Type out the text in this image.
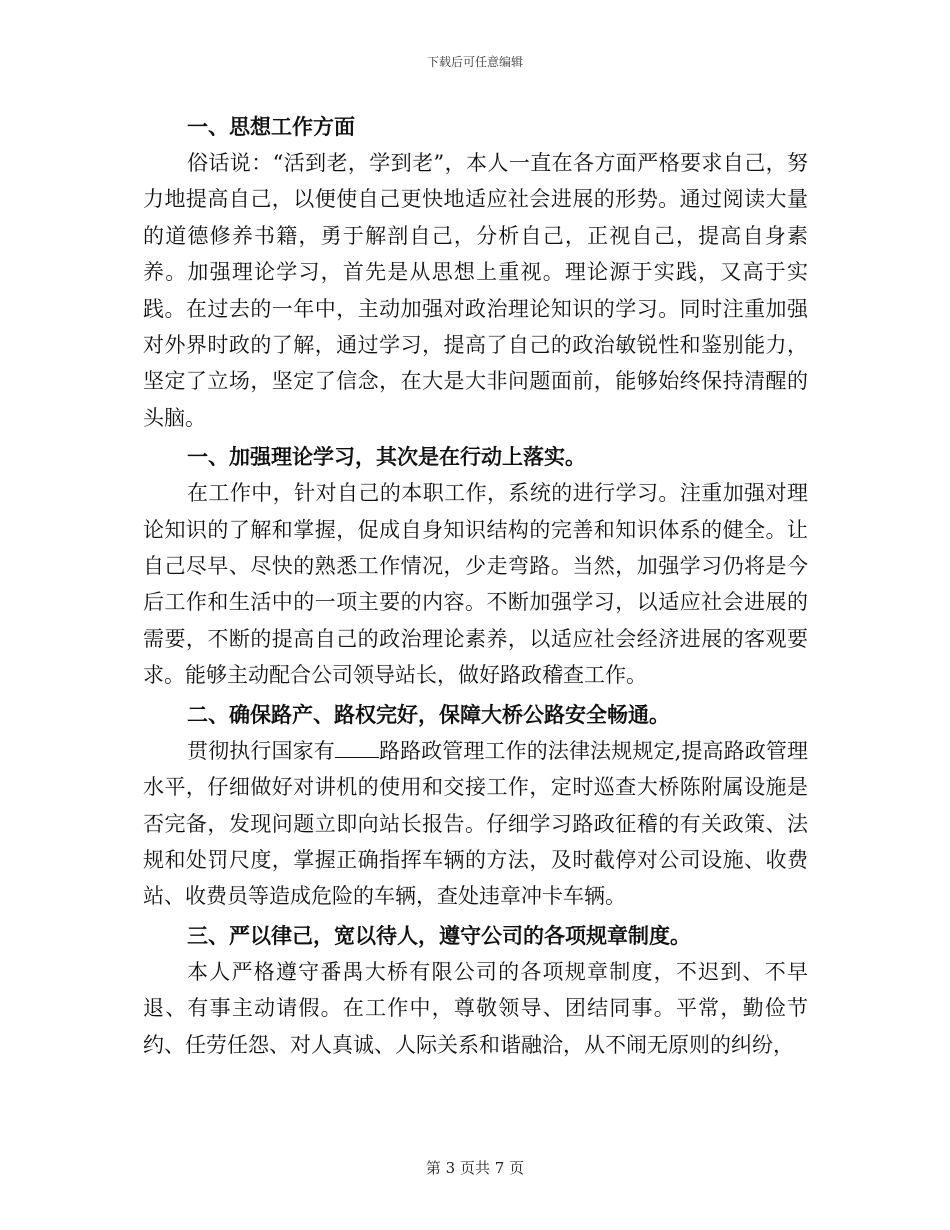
下载后可任意编辑
一、思想工作方面

俗话说：“活到老，学到老”，本人一直在各方面严格要求自己，努力地提高自己，以便使自己更快地适应社会进展的形势。通过阅读大量的道德修养书籍，勇于解剖自己，分析自己，正视自己，提高自身素养。加强理论学习，首先是从思想上重视。理论源于实践，又高于实践。在过去的一年中，主动加强对政治理论知识的学习。同时注重加强对外界时政的了解，通过学习，提高了自己的政治敏锐性和鉴别能力，坚定了立场，坚定了信念，在大是大非问题面前，能够始终保持清醒的头脑。

一、加强理论学习，其次是在行动上落实。

在工作中，针对自己的本职工作，系统的进行学习。注重加强对理论知识的了解和掌握，促成自身知识结构的完善和知识体系的健全。让自己尽早、尽快的熟悉工作情况，少走弯路。当然，加强学习仍将是今后工作和生活中的一项主要的内容。不断加强学习，以适应社会进展的需要，不断的提高自己的政治理论素养，以适应社会经济进展的客观要求。能够主动配合公司领导站长，做好路政稽查工作。

二、确保路产、路权完好，保障大桥公路安全畅通。

贯彻执行国家有 路路政管理工作的法律法规规定,提高路政管理水平，仔细做好对讲机的使用和交接工作，定时巡查大桥陈附属设施是否完备，发现问题立即向站长报告。仔细学习路政征稽的有关政策、法规和处罚尺度，掌握正确指挥车辆的方法，及时截停对公司设施、收费站、收费员等造成危险的车辆，查处违章冲卡车辆。

三、严以律己，宽以待人，遵守公司的各项规章制度。

本人严格遵守番禺大桥有限公司的各项规章制度，不迟到、不早退、有事主动请假。在工作中，尊敬领导、团结同事。平常，勤俭节约、任劳任怨、对人真诚、人际关系和谐融洽，从不闹无原则的纠纷，

第 3 页共 7 页
